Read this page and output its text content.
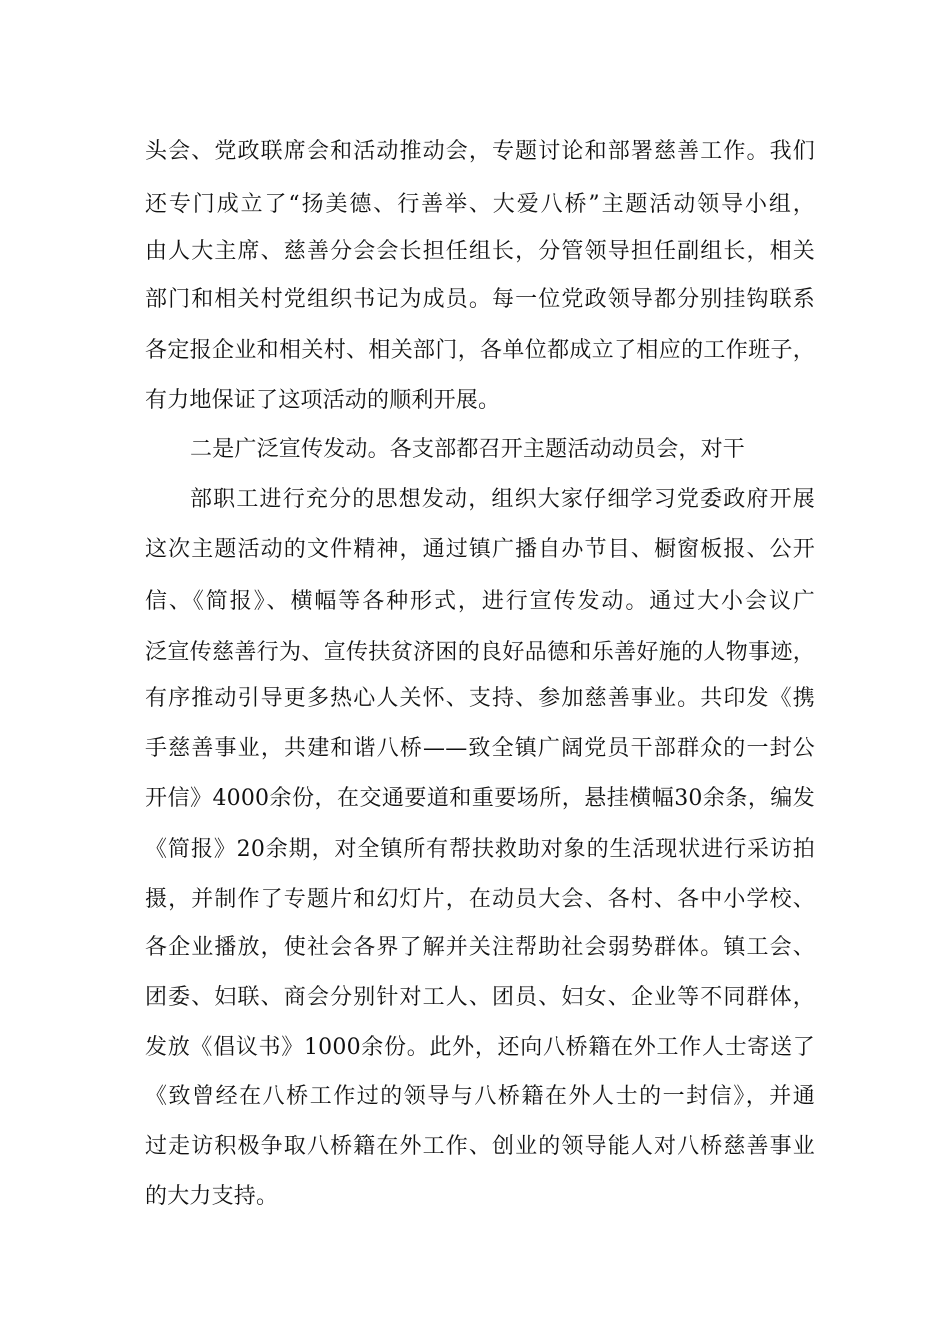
头会、党政联席会和活动推动会，专题讨论和部署慈善工作。我们
还专门成立了“扬美德、行善举、大爱八桥”主题活动领导小组，
由人大主席、慈善分会会长担任组长，分管领导担任副组长，相关
部门和相关村党组织书记为成员。每一位党政领导都分别挂钩联系
各定报企业和相关村、相关部门，各单位都成立了相应的工作班子，
有力地保证了这项活动的顺利开展。
二是广泛宣传发动。各支部都召开主题活动动员会，对干
部职工进行充分的思想发动，组织大家仔细学习党委政府开展
这次主题活动的文件精神，通过镇广播自办节目、橱窗板报、公开
信、《简报》、横幅等各种形式，进行宣传发动。通过大小会议广
泛宣传慈善行为、宣传扶贫济困的良好品德和乐善好施的人物事迹，
有序推动引导更多热心人关怀、支持、参加慈善事业。共印发《携
手慈善事业，共建和谐八桥——致全镇广阔党员干部群众的一封公
开信》4000余份，在交通要道和重要场所，悬挂横幅30余条，编发
《简报》20余期，对全镇所有帮扶救助对象的生活现状进行采访拍
摄，并制作了专题片和幻灯片，在动员大会、各村、各中小学校、
各企业播放，使社会各界了解并关注帮助社会弱势群体。镇工会、
团委、妇联、商会分别针对工人、团员、妇女、企业等不同群体，
发放《倡议书》1000余份。此外，还向八桥籍在外工作人士寄送了
《致曾经在八桥工作过的领导与八桥籍在外人士的一封信》，并通
过走访积极争取八桥籍在外工作、创业的领导能人对八桥慈善事业
的大力支持。
